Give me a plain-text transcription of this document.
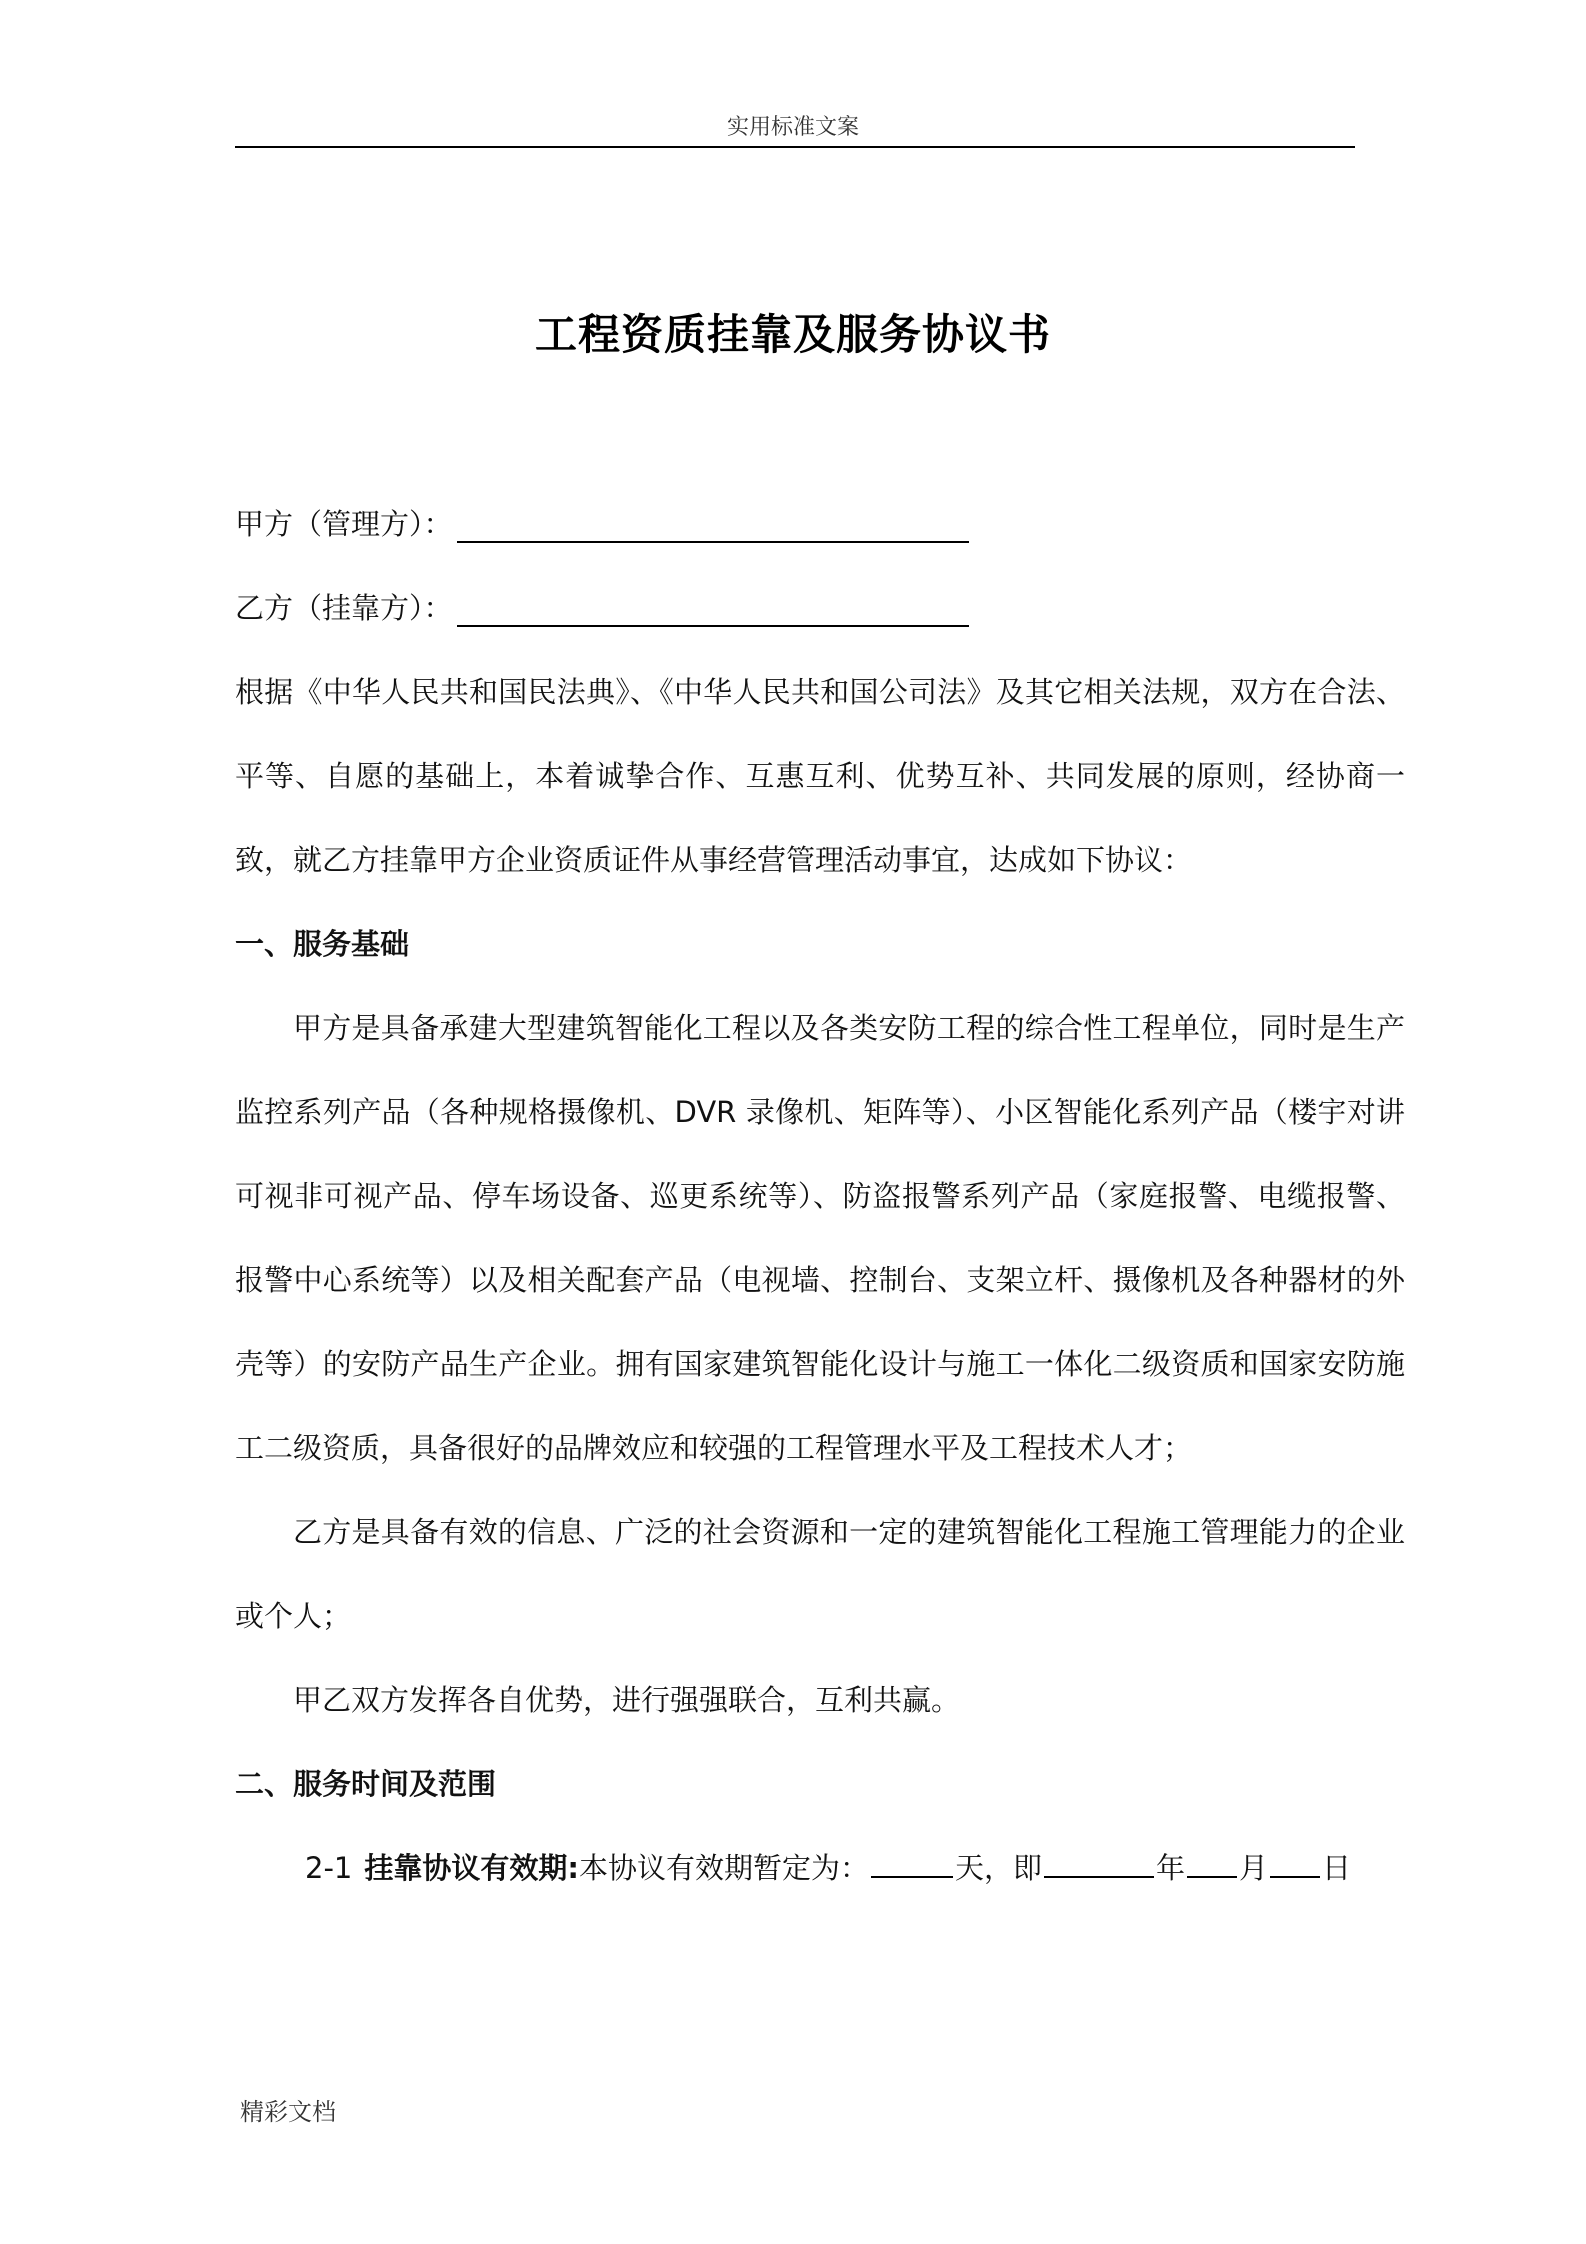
实用标准文案
工程资质挂靠及服务协议书
甲方（管理方）：
乙方（挂靠方）：

根据《中华人民共和国民法典》、《中华人民共和国公司法》及其它相关法规，双方在合法、平等、自愿的基础上，本着诚挚合作、互惠互利、优势互补、共同发展的原则，经协商一致，就乙方挂靠甲方企业资质证件从事经营管理活动事宜，达成如下协议：

一、服务基础

甲方是具备承建大型建筑智能化工程以及各类安防工程的综合性工程单位，同时是生产监控系列产品（各种规格摄像机、DVR 录像机、矩阵等）、小区智能化系列产品（楼宇对讲可视非可视产品、停车场设备、巡更系统等）、防盗报警系列产品（家庭报警、电缆报警、报警中心系统等）以及相关配套产品（电视墙、控制台、支架立杆、摄像机及各种器材的外壳等）的安防产品生产企业。拥有国家建筑智能化设计与施工一体化二级资质和国家安防施工二级资质，具备很好的品牌效应和较强的工程管理水平及工程技术人才；

乙方是具备有效的信息、广泛的社会资源和一定的建筑智能化工程施工管理能力的企业或个人；

甲乙双方发挥各自优势，进行强强联合，互利共赢。

二、服务时间及范围
2-1 挂靠协议有效期:本协议有效期暂定为：	天，即	年 月 日
精彩文档
